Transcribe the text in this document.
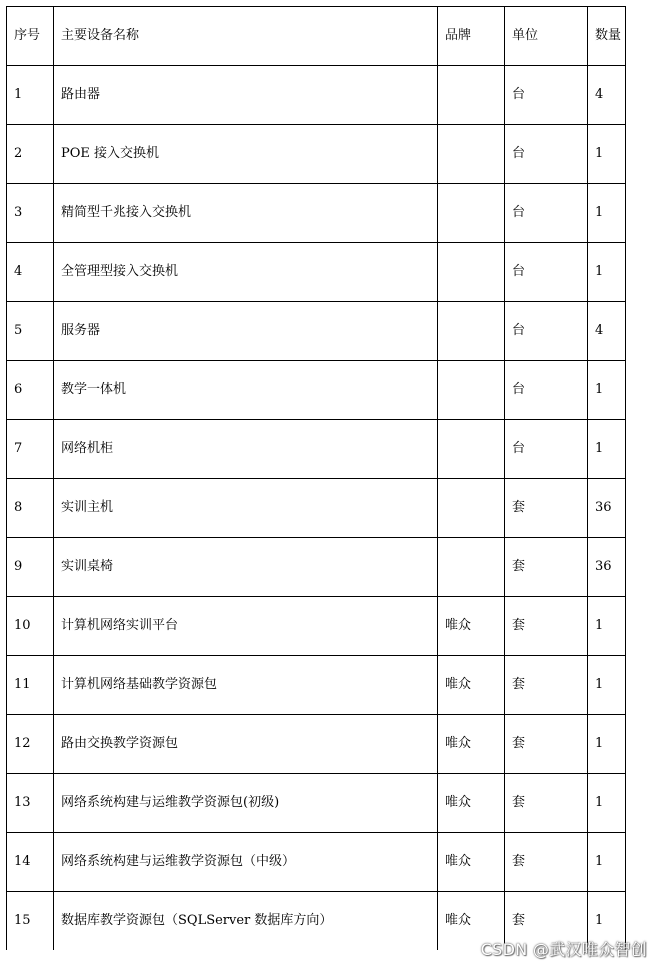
序号	主要设备名称	品牌	单位	数量
1	路由器		台	4
2	POE 接入交换机		台	1
3	精简型千兆接入交换机		台	1
4	全管理型接入交换机		台	1
5	服务器		台	4
6	教学一体机		台	1
7	网络机柜		台	1
8	实训主机		套	36
9	实训桌椅		套	36
10	计算机网络实训平台	唯众	套	1
11	计算机网络基础教学资源包	唯众	套	1
12	路由交换教学资源包	唯众	套	1
13	网络系统构建与运维教学资源包(初级)	唯众	套	1
14	网络系统构建与运维教学资源包（中级）	唯众	套	1
15	数据库教学资源包（SQLServer 数据库方向）	唯众	套	1
CSDN @武汉唯众智创
